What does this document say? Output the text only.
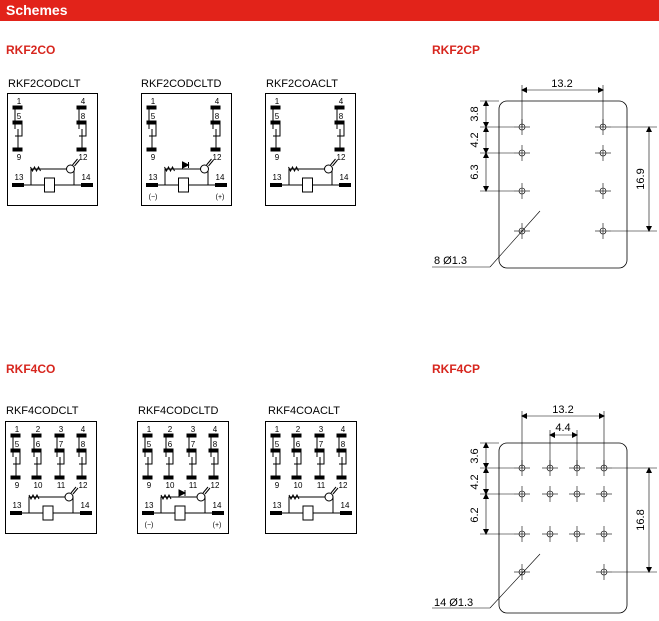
Schemes
RKF2CO	RKF2CP
RKF4CO	RKF4CP
RKF2CODCLT	RKF2CODCLTD	RKF2COACLT
RKF4CODCLT	RKF4CODCLTD	RKF4COACLT
1
5
9
4
8
12
13	14
1
5
9
4
8
12
13	14
(−)	(+)
1
5
9
4
8
12
13	14
1
5
9
2
6
10
3
7
11
4
8
12
13	14
1
5
9
2
6
10
3
7
11
4
8
12
13	14
(−)	(+)
1
5
9
2
6
10
3
7
11
4
8
12
13	14
13.2
3.8
4.2
6.3	16.9
8 Ø1.3
13.2
4.4
3.6
4.2
6.2	16.8
14 Ø1.3
